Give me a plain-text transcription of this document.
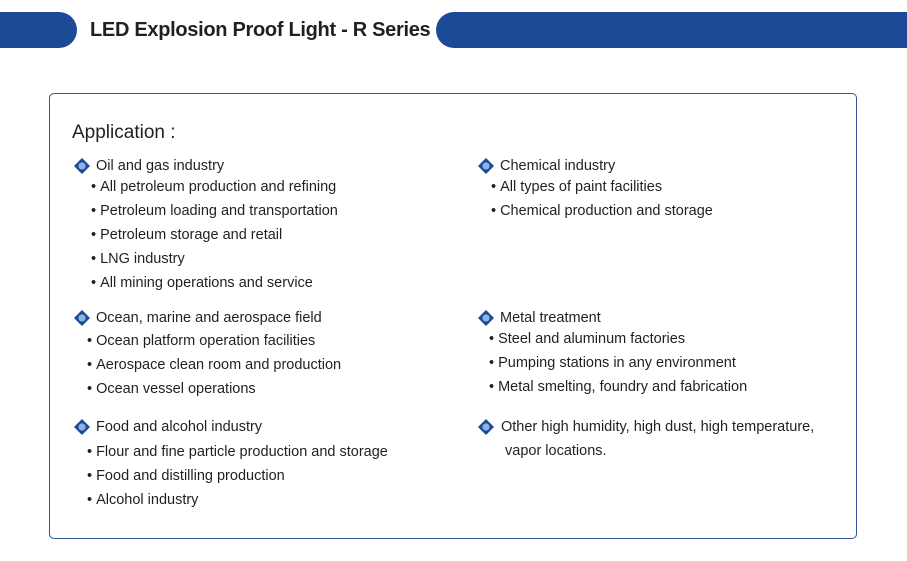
LED Explosion Proof Light - R Series
Application :
Oil and gas industry
• All petroleum production and refining
• Petroleum loading and transportation
• Petroleum storage and retail
• LNG industry
• All mining operations and service
Ocean, marine and aerospace field
• Ocean platform operation facilities
• Aerospace clean room and production
• Ocean vessel operations
Food and alcohol industry
• Flour and fine particle production and storage
• Food and distilling production
• Alcohol industry
Chemical industry
• All types of paint facilities
• Chemical production and storage
Metal treatment
• Steel and aluminum factories
• Pumping stations in any environment
• Metal smelting, foundry and fabrication
Other high humidity, high dust, high temperature,
vapor locations.
